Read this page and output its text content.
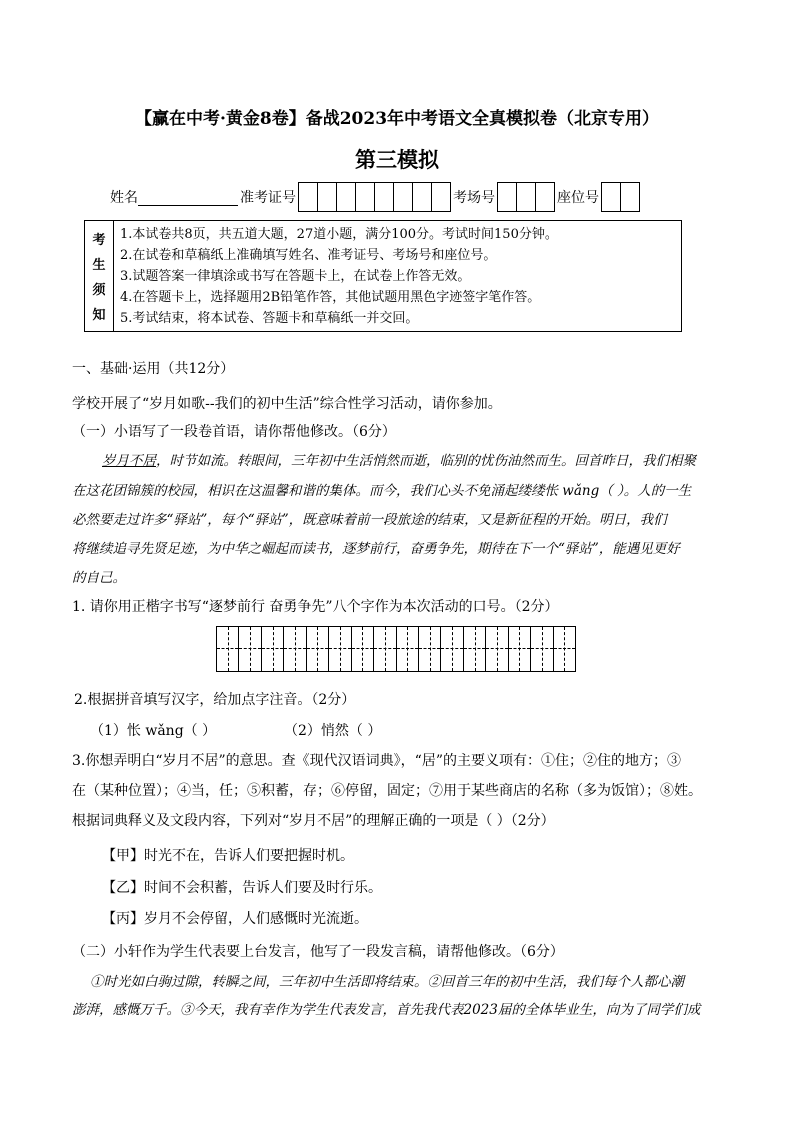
【赢在中考·黄金8卷】备战2023年中考语文全真模拟卷（北京专用）
第三模拟
姓名	准考证号	考场号	座位号
考
生
须
知
1.本试卷共8页，共五道大题，27道小题，满分100分。考试时间150分钟。
2.在试卷和草稿纸上准确填写姓名、准考证号、考场号和座位号。
3.试题答案一律填涂或书写在答题卡上，在试卷上作答无效。
4.在答题卡上，选择题用2B铅笔作答，其他试题用黑色字迹签字笔作答。
5.考试结束，将本试卷、答题卡和草稿纸一并交回。
一、基础·运用（共12分）
学校开展了“岁月如歌--我们的初中生活”综合性学习活动，请你参加。
（一）小语写了一段卷首语，请你帮他修改。（6分）
岁月不居，时节如流。转眼间，三年初中生活悄然而逝，临别的忧伤油然而生。回首昨日，我们相聚
在这花团锦簇的校园，相识在这温馨和谐的集体。而今，我们心头不免涌起缕缕怅 wǎng（ ）。人的一生
必然要走过许多“驿站”，每个“驿站”，既意味着前一段旅途的结束，又是新征程的开始。明日，我们
将继续追寻先贤足迹，为中华之崛起而读书，逐梦前行，奋勇争先，期待在下一个“驿站”，能遇见更好
的自己。
1. 请你用正楷字书写“逐梦前行 奋勇争先”八个字作为本次活动的口号。（2分）
2.根据拼音填写汉字，给加点字注音。（2分）
（1）怅 wǎng（ ）	（2）悄然（ ）
3.你想弄明白“岁月不居”的意思。查《现代汉语词典》，“居”的主要义项有：①住；②住的地方；③
在（某种位置）；④当，任；⑤积蓄，存；⑥停留，固定；⑦用于某些商店的名称（多为饭馆）；⑧姓。
根据词典释义及文段内容，下列对“岁月不居”的理解正确的一项是（ ）（2分）
【甲】时光不在，告诉人们要把握时机。
【乙】时间不会积蓄，告诉人们要及时行乐。
【丙】岁月不会停留，人们感慨时光流逝。
（二）小轩作为学生代表要上台发言，他写了一段发言稿，请帮他修改。（6分）
①时光如白驹过隙，转瞬之间，三年初中生活即将结束。②回首三年的初中生活，我们每个人都心潮
澎湃，感慨万千。③今天，我有幸作为学生代表发言，首先我代表2023届的全体毕业生，向为了同学们成
